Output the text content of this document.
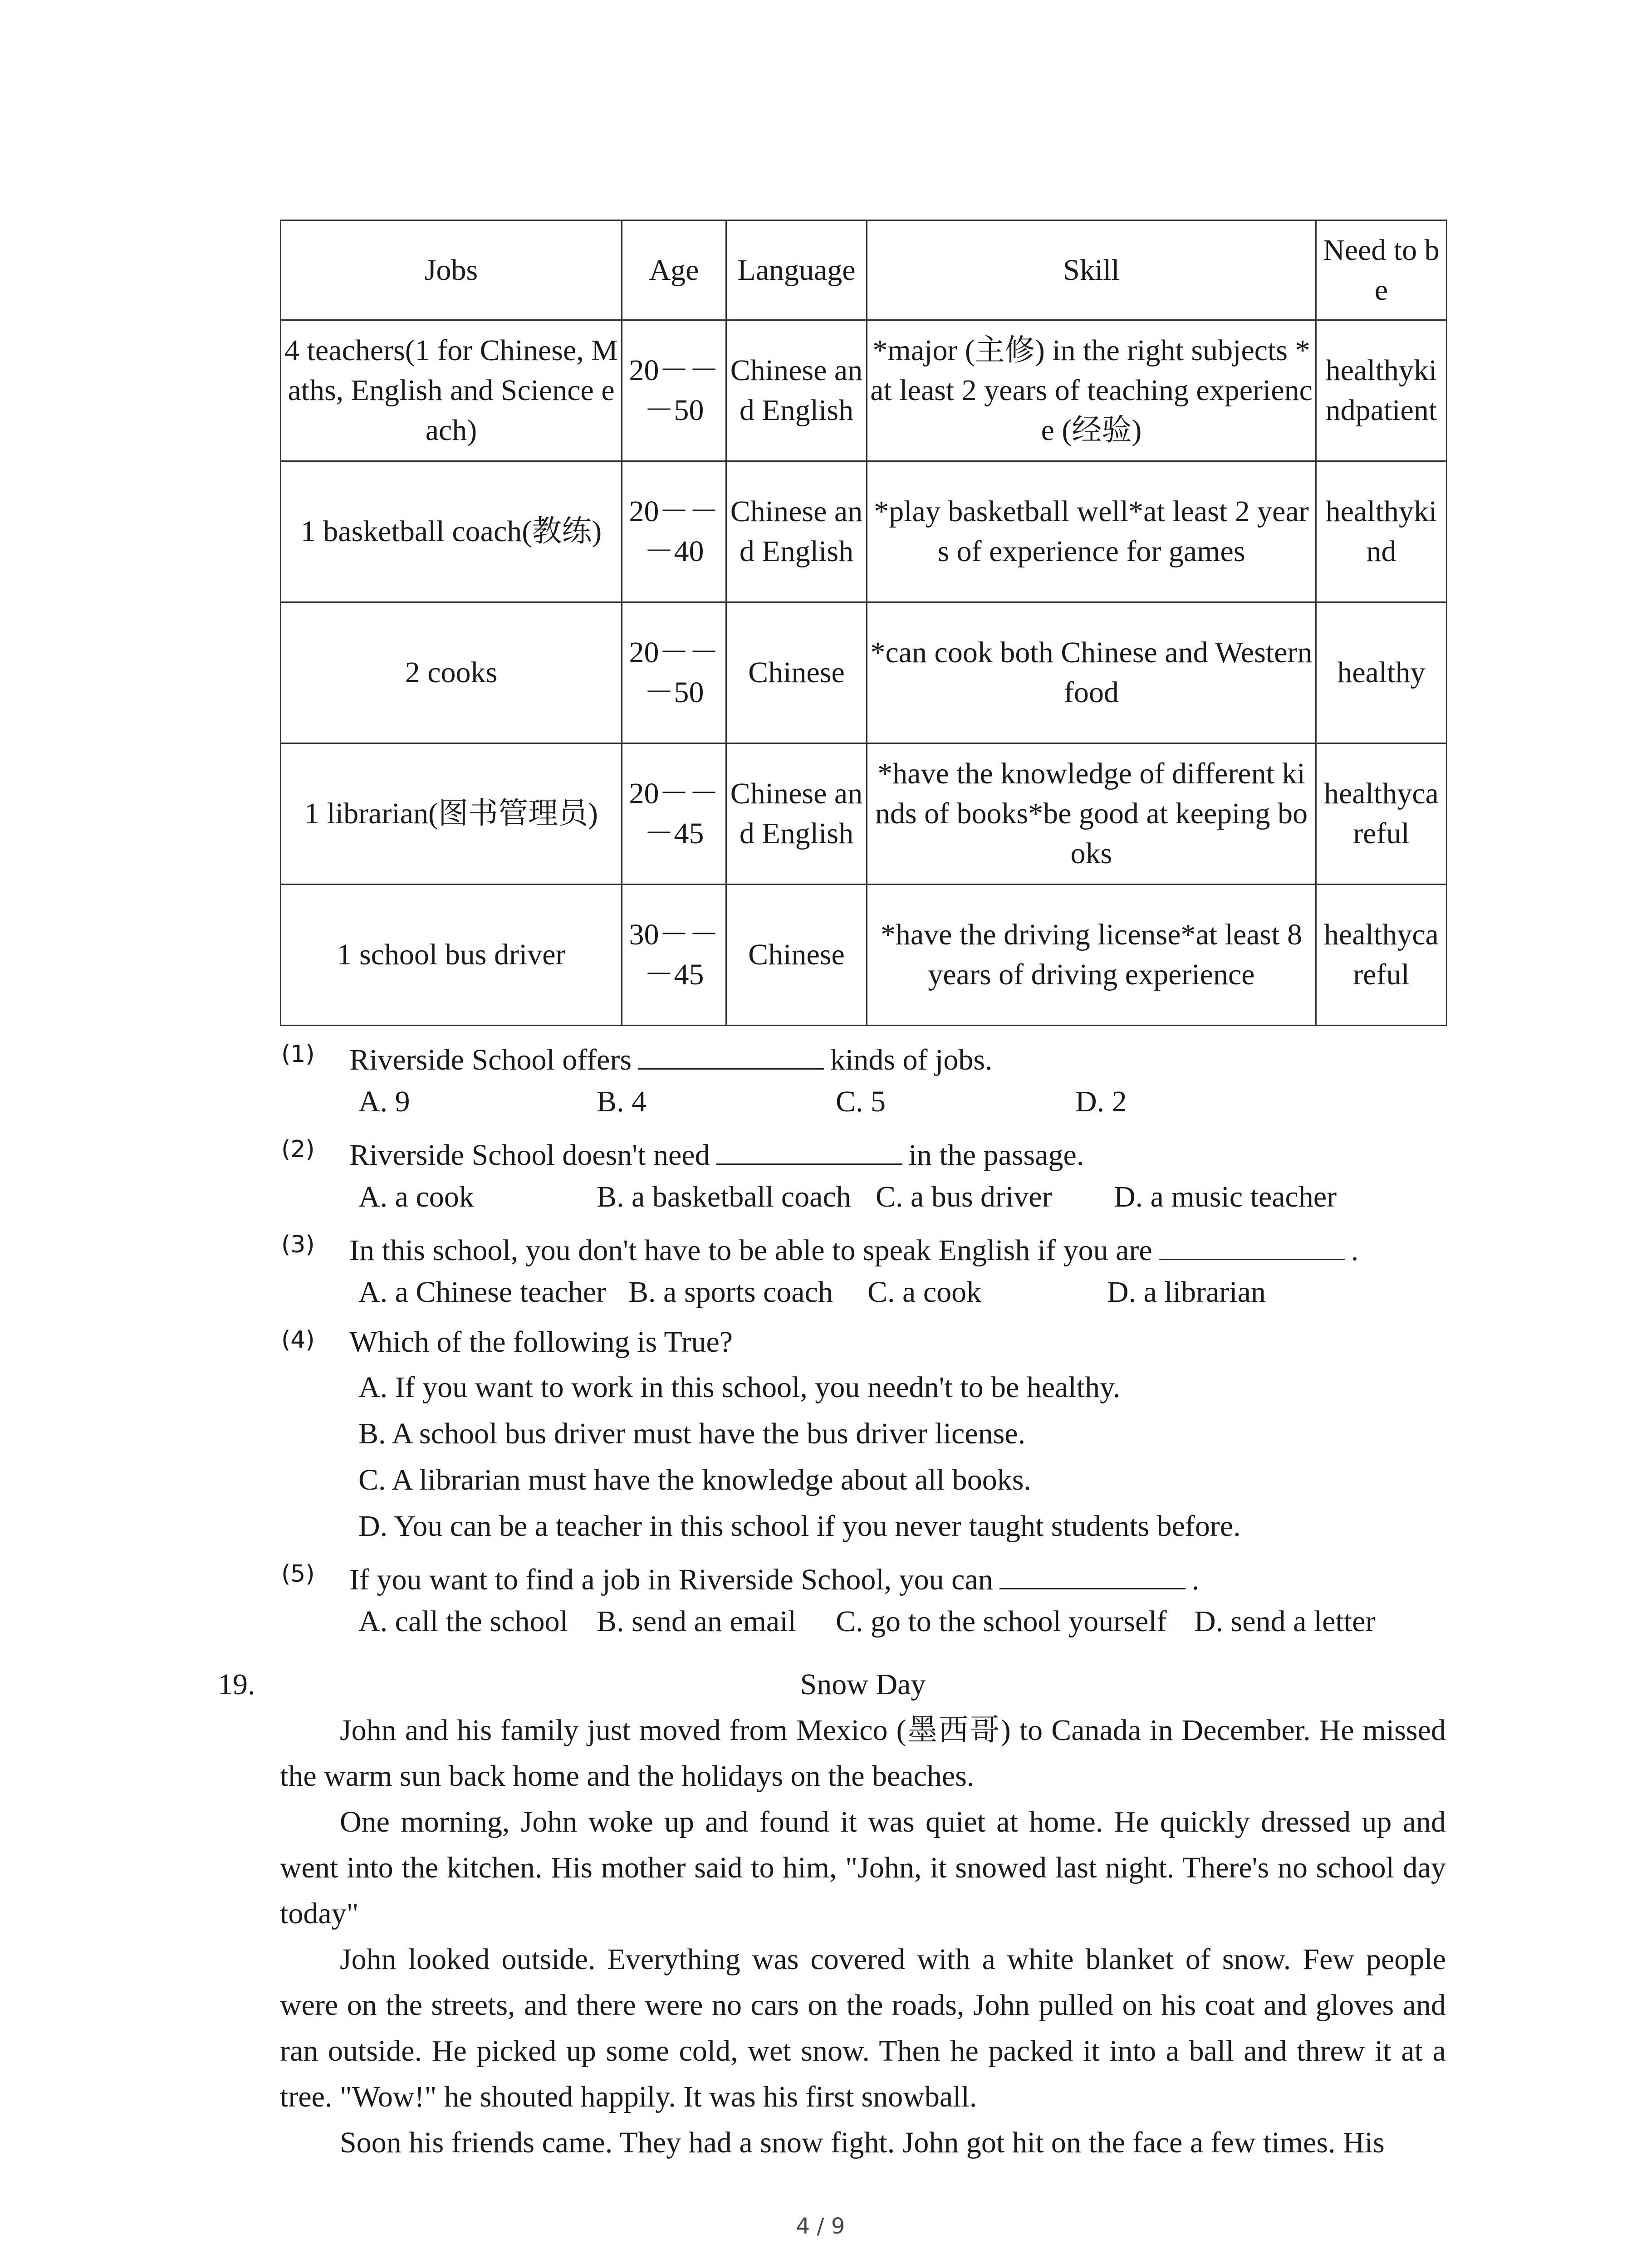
Jobs	Age	Language	Skill	Need to be
4 teachers(1 for Chinese, Maths, English and Science each)	20－－－50	Chinese and English	*major (主修) in the right subjects *at least 2 years of teaching experience (经验)	healthykindpatient
1 basketball coach(教练)	20－－－40	Chinese and English	*play basketball well*at least 2 years of experience for games	healthykind
2 cooks	20－－－50	Chinese	*can cook both Chinese and Western food	healthy
1 librarian(图书管理员)	20－－－45	Chinese and English	*have the knowledge of different kinds of books*be good at keeping books	healthycareful
1 school bus driver	30－－－45	Chinese	*have the driving license*at least 8 years of driving experience	healthycareful
(1) Riverside School offers	kinds of jobs.
A. 9	B. 4	C. 5	D. 2
(2) Riverside School doesn't need	in the passage.
A. a cook	B. a basketball coach C. a bus driver D. a music teacher
(3) In this school, you don't have to be able to speak English if you are	.
A. a Chinese teacher B. a sports coach C. a cook	D. a librarian
(4) Which of the following is True?
A. If you want to work in this school, you needn't to be healthy.
B. A school bus driver must have the bus driver license.
C. A librarian must have the knowledge about all books.
D. You can be a teacher in this school if you never taught students before.
(5) If you want to find a job in Riverside School, you can	.
A. call the school B. send an email C. go to the school yourself D. send a letter
19.	Snow Day

John and his family just moved from Mexico (墨西哥) to Canada in December. He missed the warm sun back home and the holidays on the beaches.

One morning, John woke up and found it was quiet at home. He quickly dressed up and went into the kitchen. His mother said to him, "John, it snowed last night. There's no school day today"

John looked outside. Everything was covered with a white blanket of snow. Few people were on the streets, and there were no cars on the roads, John pulled on his coat and gloves and ran outside. He picked up some cold, wet snow. Then he packed it into a ball and threw it at a tree. "Wow!" he shouted happily. It was his first snowball.

Soon his friends came. They had a snow fight. John got hit on the face a few times. His

4 / 9
